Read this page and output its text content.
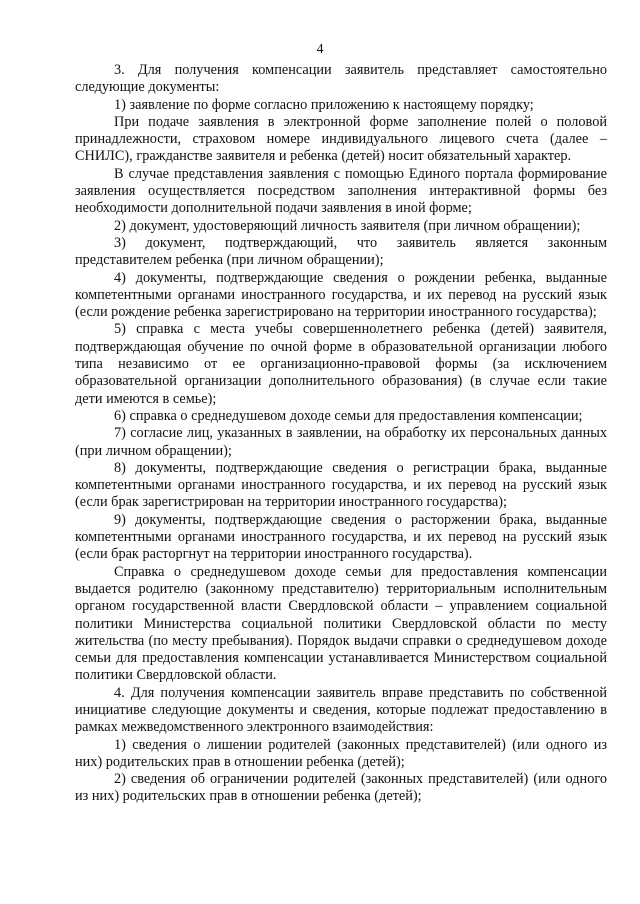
4

3. Для получения компенсации заявитель представляет самостоятельно следующие документы:

1) заявление по форме согласно приложению к настоящему порядку;

При подаче заявления в электронной форме заполнение полей о половой принадлежности, страховом номере индивидуального лицевого счета (далее – СНИЛС), гражданстве заявителя и ребенка (детей) носит обязательный характер.

В случае представления заявления с помощью Единого портала формирование заявления осуществляется посредством заполнения интерактивной формы без необходимости дополнительной подачи заявления в иной форме;

2) документ, удостоверяющий личность заявителя (при личном обращении);

3) документ, подтверждающий, что заявитель является законным представителем ребенка (при личном обращении);

4) документы, подтверждающие сведения о рождении ребенка, выданные компетентными органами иностранного государства, и их перевод на русский язык (если рождение ребенка зарегистрировано на территории иностранного государства);

5) справка с места учебы совершеннолетнего ребенка (детей) заявителя, подтверждающая обучение по очной форме в образовательной организации любого типа независимо от ее организационно-правовой формы (за исключением образовательной организации дополнительного образования) (в случае если такие дети имеются в семье);

6) справка о среднедушевом доходе семьи для предоставления компенсации;

7) согласие лиц, указанных в заявлении, на обработку их персональных данных (при личном обращении);

8) документы, подтверждающие сведения о регистрации брака, выданные компетентными органами иностранного государства, и их перевод на русский язык (если брак зарегистрирован на территории иностранного государства);

9) документы, подтверждающие сведения о расторжении брака, выданные компетентными органами иностранного государства, и их перевод на русский язык (если брак расторгнут на территории иностранного государства).

Справка о среднедушевом доходе семьи для предоставления компенсации выдается родителю (законному представителю) территориальным исполнительным органом государственной власти Свердловской области – управлением социальной политики Министерства социальной политики Свердловской области по месту жительства (по месту пребывания). Порядок выдачи справки о среднедушевом доходе семьи для предоставления компенсации устанавливается Министерством социальной политики Свердловской области.

4. Для получения компенсации заявитель вправе представить по собственной инициативе следующие документы и сведения, которые подлежат предоставлению в рамках межведомственного электронного взаимодействия:

1) сведения о лишении родителей (законных представителей) (или одного из них) родительских прав в отношении ребенка (детей);

2) сведения об ограничении родителей (законных представителей) (или одного из них) родительских прав в отношении ребенка (детей);
